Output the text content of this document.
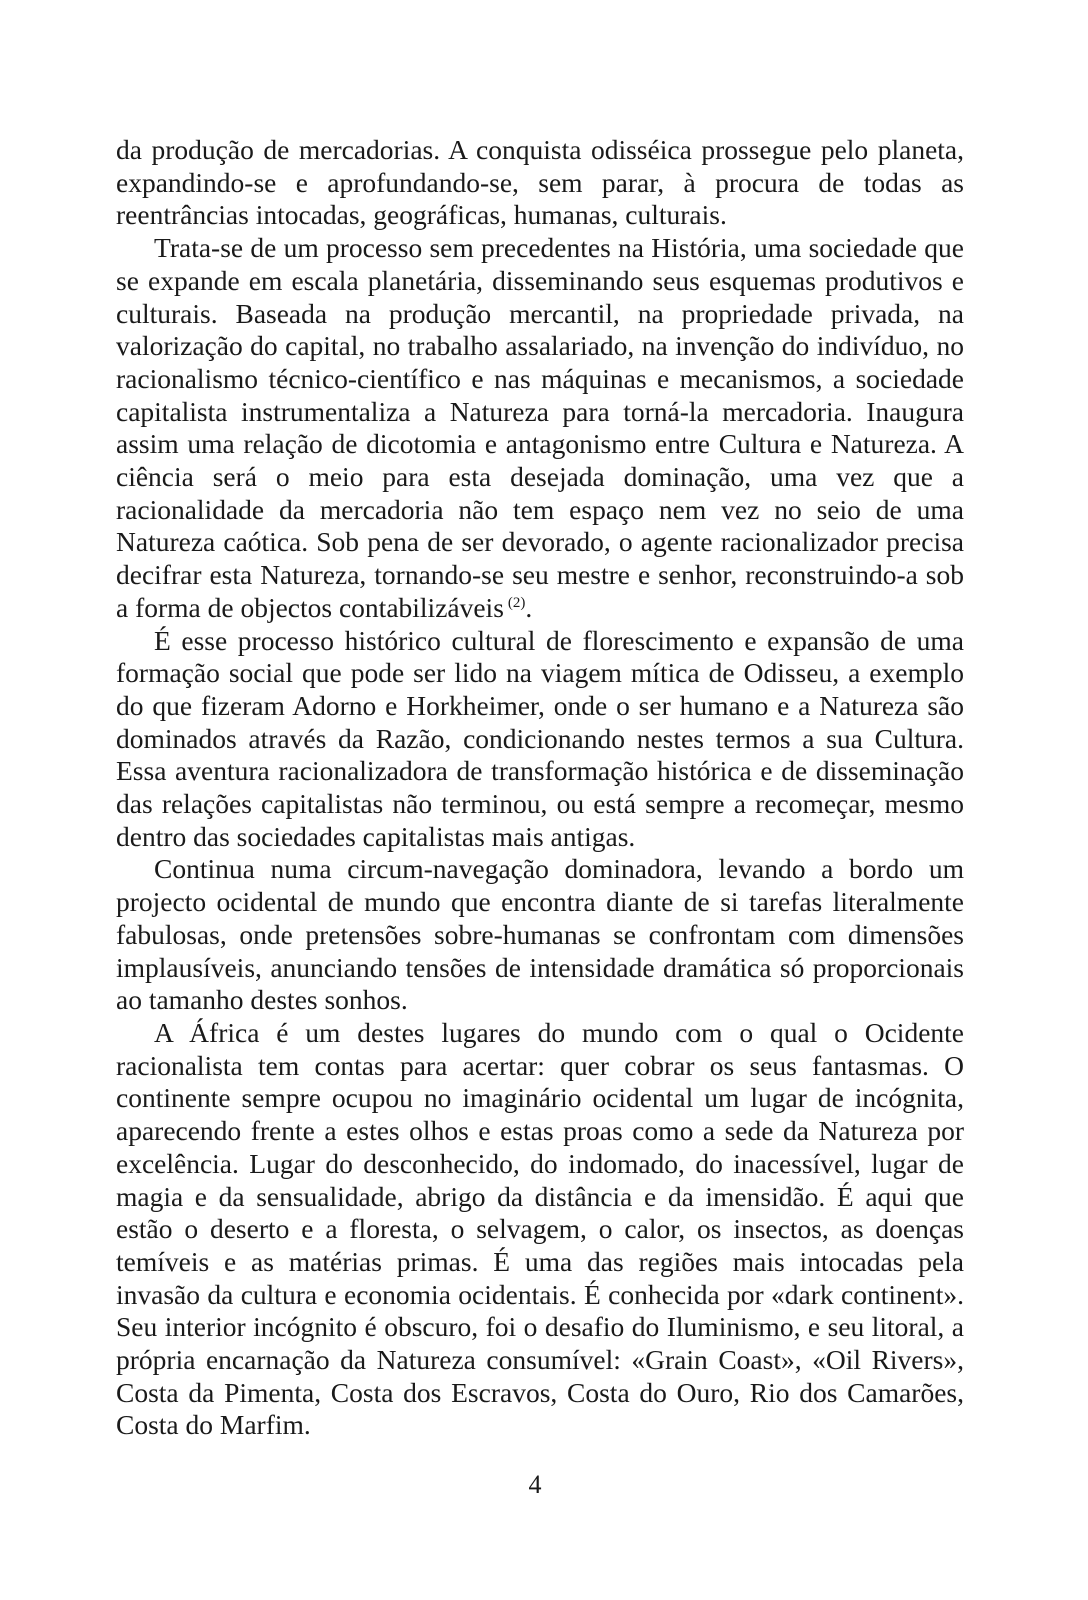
da produção de mercadorias. A conquista odisséica prossegue pelo planeta, expandindo-se e aprofundando-se, sem parar, à procura de todas as reentrâncias intocadas, geográficas, humanas, culturais.

Trata-se de um processo sem precedentes na História, uma sociedade que se expande em escala planetária, disseminando seus esquemas produtivos e culturais. Baseada na produção mercantil, na propriedade privada, na valorização do capital, no trabalho assalariado, na invenção do indivíduo, no racionalismo técnico-científico e nas máquinas e mecanismos, a sociedade capitalista instrumentaliza a Natureza para torná-la mercadoria. Inaugura assim uma relação de dicotomia e antagonismo entre Cultura e Natureza. A ciência será o meio para esta desejada dominação, uma vez que a racionalidade da mercadoria não tem espaço nem vez no seio de uma Natureza caótica. Sob pena de ser devorado, o agente racionalizador precisa decifrar esta Natureza, tornando-se seu mestre e senhor, reconstruindo-a sob a forma de objectos contabilizáveis $^{(2)}$.

É esse processo histórico cultural de florescimento e expansão de uma formação social que pode ser lido na viagem mítica de Odisseu, a exemplo do que fizeram Adorno e Horkheimer, onde o ser humano e a Natureza são dominados através da Razão, condicionando nestes termos a sua Cultura. Essa aventura racionalizadora de transformação histórica e de disseminação das relações capitalistas não terminou, ou está sempre a recomeçar, mesmo dentro das sociedades capitalistas mais antigas.

Continua numa circum-navegação dominadora, levando a bordo um projecto ocidental de mundo que encontra diante de si tarefas literalmente fabulosas, onde pretensões sobre-humanas se confrontam com dimensões implausíveis, anunciando tensões de intensidade dramática só proporcionais ao tamanho destes sonhos.

A África é um destes lugares do mundo com o qual o Ocidente racionalista tem contas para acertar: quer cobrar os seus fantasmas. O continente sempre ocupou no imaginário ocidental um lugar de incógnita, aparecendo frente a estes olhos e estas proas como a sede da Natureza por excelência. Lugar do desconhecido, do indomado, do inacessível, lugar de magia e da sensualidade, abrigo da distância e da imensidão. É aqui que estão o deserto e a floresta, o selvagem, o calor, os insectos, as doenças temíveis e as matérias primas. É uma das regiões mais intocadas pela invasão da cultura e economia ocidentais. É conhecida por «dark continent». Seu interior incógnito é obscuro, foi o desafio do Iluminismo, e seu litoral, a própria encarnação da Natureza consumível: «Grain Coast», «Oil Rivers», Costa da Pimenta, Costa dos Escravos, Costa do Ouro, Rio dos Camarões, Costa do Marfim.

4
